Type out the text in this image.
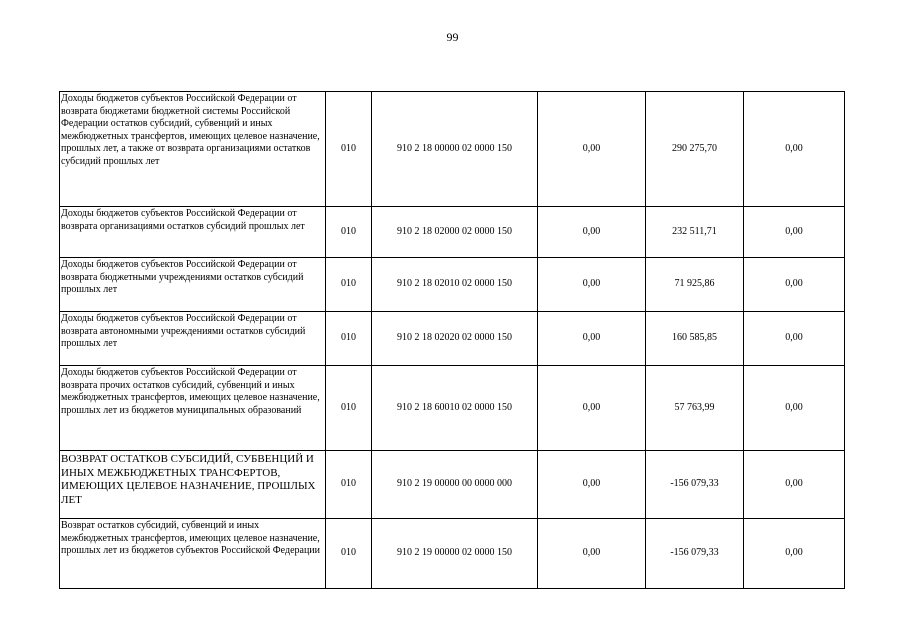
99
Доходы бюджетов субъектов Российской Федерации от возврата бюджетами бюджетной системы Российской Федерации остатков субсидий, субвенций и иных межбюджетных трансфертов, имеющих целевое назначение, прошлых лет, а также от возврата организациями остатков субсидий прошлых лет	010	910 2 18 00000 02 0000 150	0,00	290 275,70	0,00
Доходы бюджетов субъектов Российской Федерации от возврата организациями остатков субсидий прошлых лет	010	910 2 18 02000 02 0000 150	0,00	232 511,71	0,00
Доходы бюджетов субъектов Российской Федерации от возврата бюджетными учреждениями остатков субсидий прошлых лет	010	910 2 18 02010 02 0000 150	0,00	71 925,86	0,00
Доходы бюджетов субъектов Российской Федерации от возврата автономными учреждениями остатков субсидий прошлых лет	010	910 2 18 02020 02 0000 150	0,00	160 585,85	0,00
Доходы бюджетов субъектов Российской Федерации от возврата прочих остатков субсидий, субвенций и иных межбюджетных трансфертов, имеющих целевое назначение, прошлых лет из бюджетов муниципальных образований	010	910 2 18 60010 02 0000 150	0,00	57 763,99	0,00
ВОЗВРАТ ОСТАТКОВ СУБСИДИЙ, СУБВЕНЦИЙ И ИНЫХ МЕЖБЮДЖЕТНЫХ ТРАНСФЕРТОВ, ИМЕЮЩИХ ЦЕЛЕВОЕ НАЗНАЧЕНИЕ, ПРОШЛЫХ ЛЕТ	010	910 2 19 00000 00 0000 000	0,00	-156 079,33	0,00
Возврат остатков субсидий, субвенций и иных межбюджетных трансфертов, имеющих целевое назначение, прошлых лет из бюджетов субъектов Российской Федерации	010	910 2 19 00000 02 0000 150	0,00	-156 079,33	0,00
